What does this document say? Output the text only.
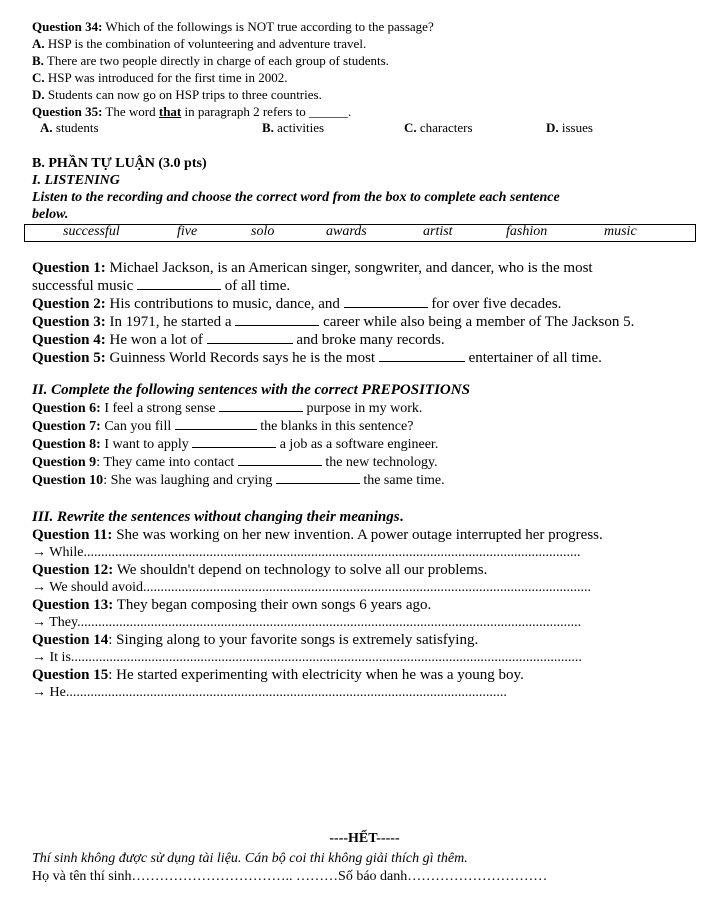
Question 34: Which of the followings is NOT true according to the passage?
A. HSP is the combination of volunteering and adventure travel.
B. There are two people directly in charge of each group of students.
C. HSP was introduced for the first time in 2002.
D. Students can now go on HSP trips to three countries.
Question 35: The word that in paragraph 2 refers to ______.
A. students	B. activities	C. characters	D. issues
B. PHẦN TỰ LUẬN (3.0 pts)
I. LISTENING
Listen to the recording and choose the correct word from the box to complete each sentence
below.
successful	five	solo	awards	artist	fashion	music
Question 1: Michael Jackson, is an American singer, songwriter, and dancer, who is the most
successful music	of all time.
Question 2: His contributions to music, dance, and	for over five decades.
Question 3: In 1971, he started a	career while also being a member of The Jackson 5.
Question 4: He won a lot of	and broke many records.
Question 5: Guinness World Records says he is the most	entertainer of all time.
II. Complete the following sentences with the correct PREPOSITIONS
Question 6: I feel a strong sense	purpose in my work.
Question 7: Can you fill	the blanks in this sentence?
Question 8: I want to apply	a job as a software engineer.
Question 9: They came into contact	the new technology.
Question 10: She was laughing and crying	the same time.
III. Rewrite the sentences without changing their meanings.
Question 11: She was working on her new invention. A power outage interrupted her progress.
→ While..............................................................................................................................................
Question 12: We shouldn't depend on technology to solve all our problems.
→ We should avoid................................................................................................................................
Question 13: They began composing their own songs 6 years ago.
→ They................................................................................................................................................
Question 14: Singing along to your favorite songs is extremely satisfying.
→ It is..................................................................................................................................................
Question 15: He started experimenting with electricity when he was a young boy.
→ He..............................................................................................................................
----HẾT-----
Thí sinh không được sử dụng tài liệu. Cán bộ coi thi không giải thích gì thêm.
Họ và tên thí sinh…………………………….. ………Số báo danh…………………………
